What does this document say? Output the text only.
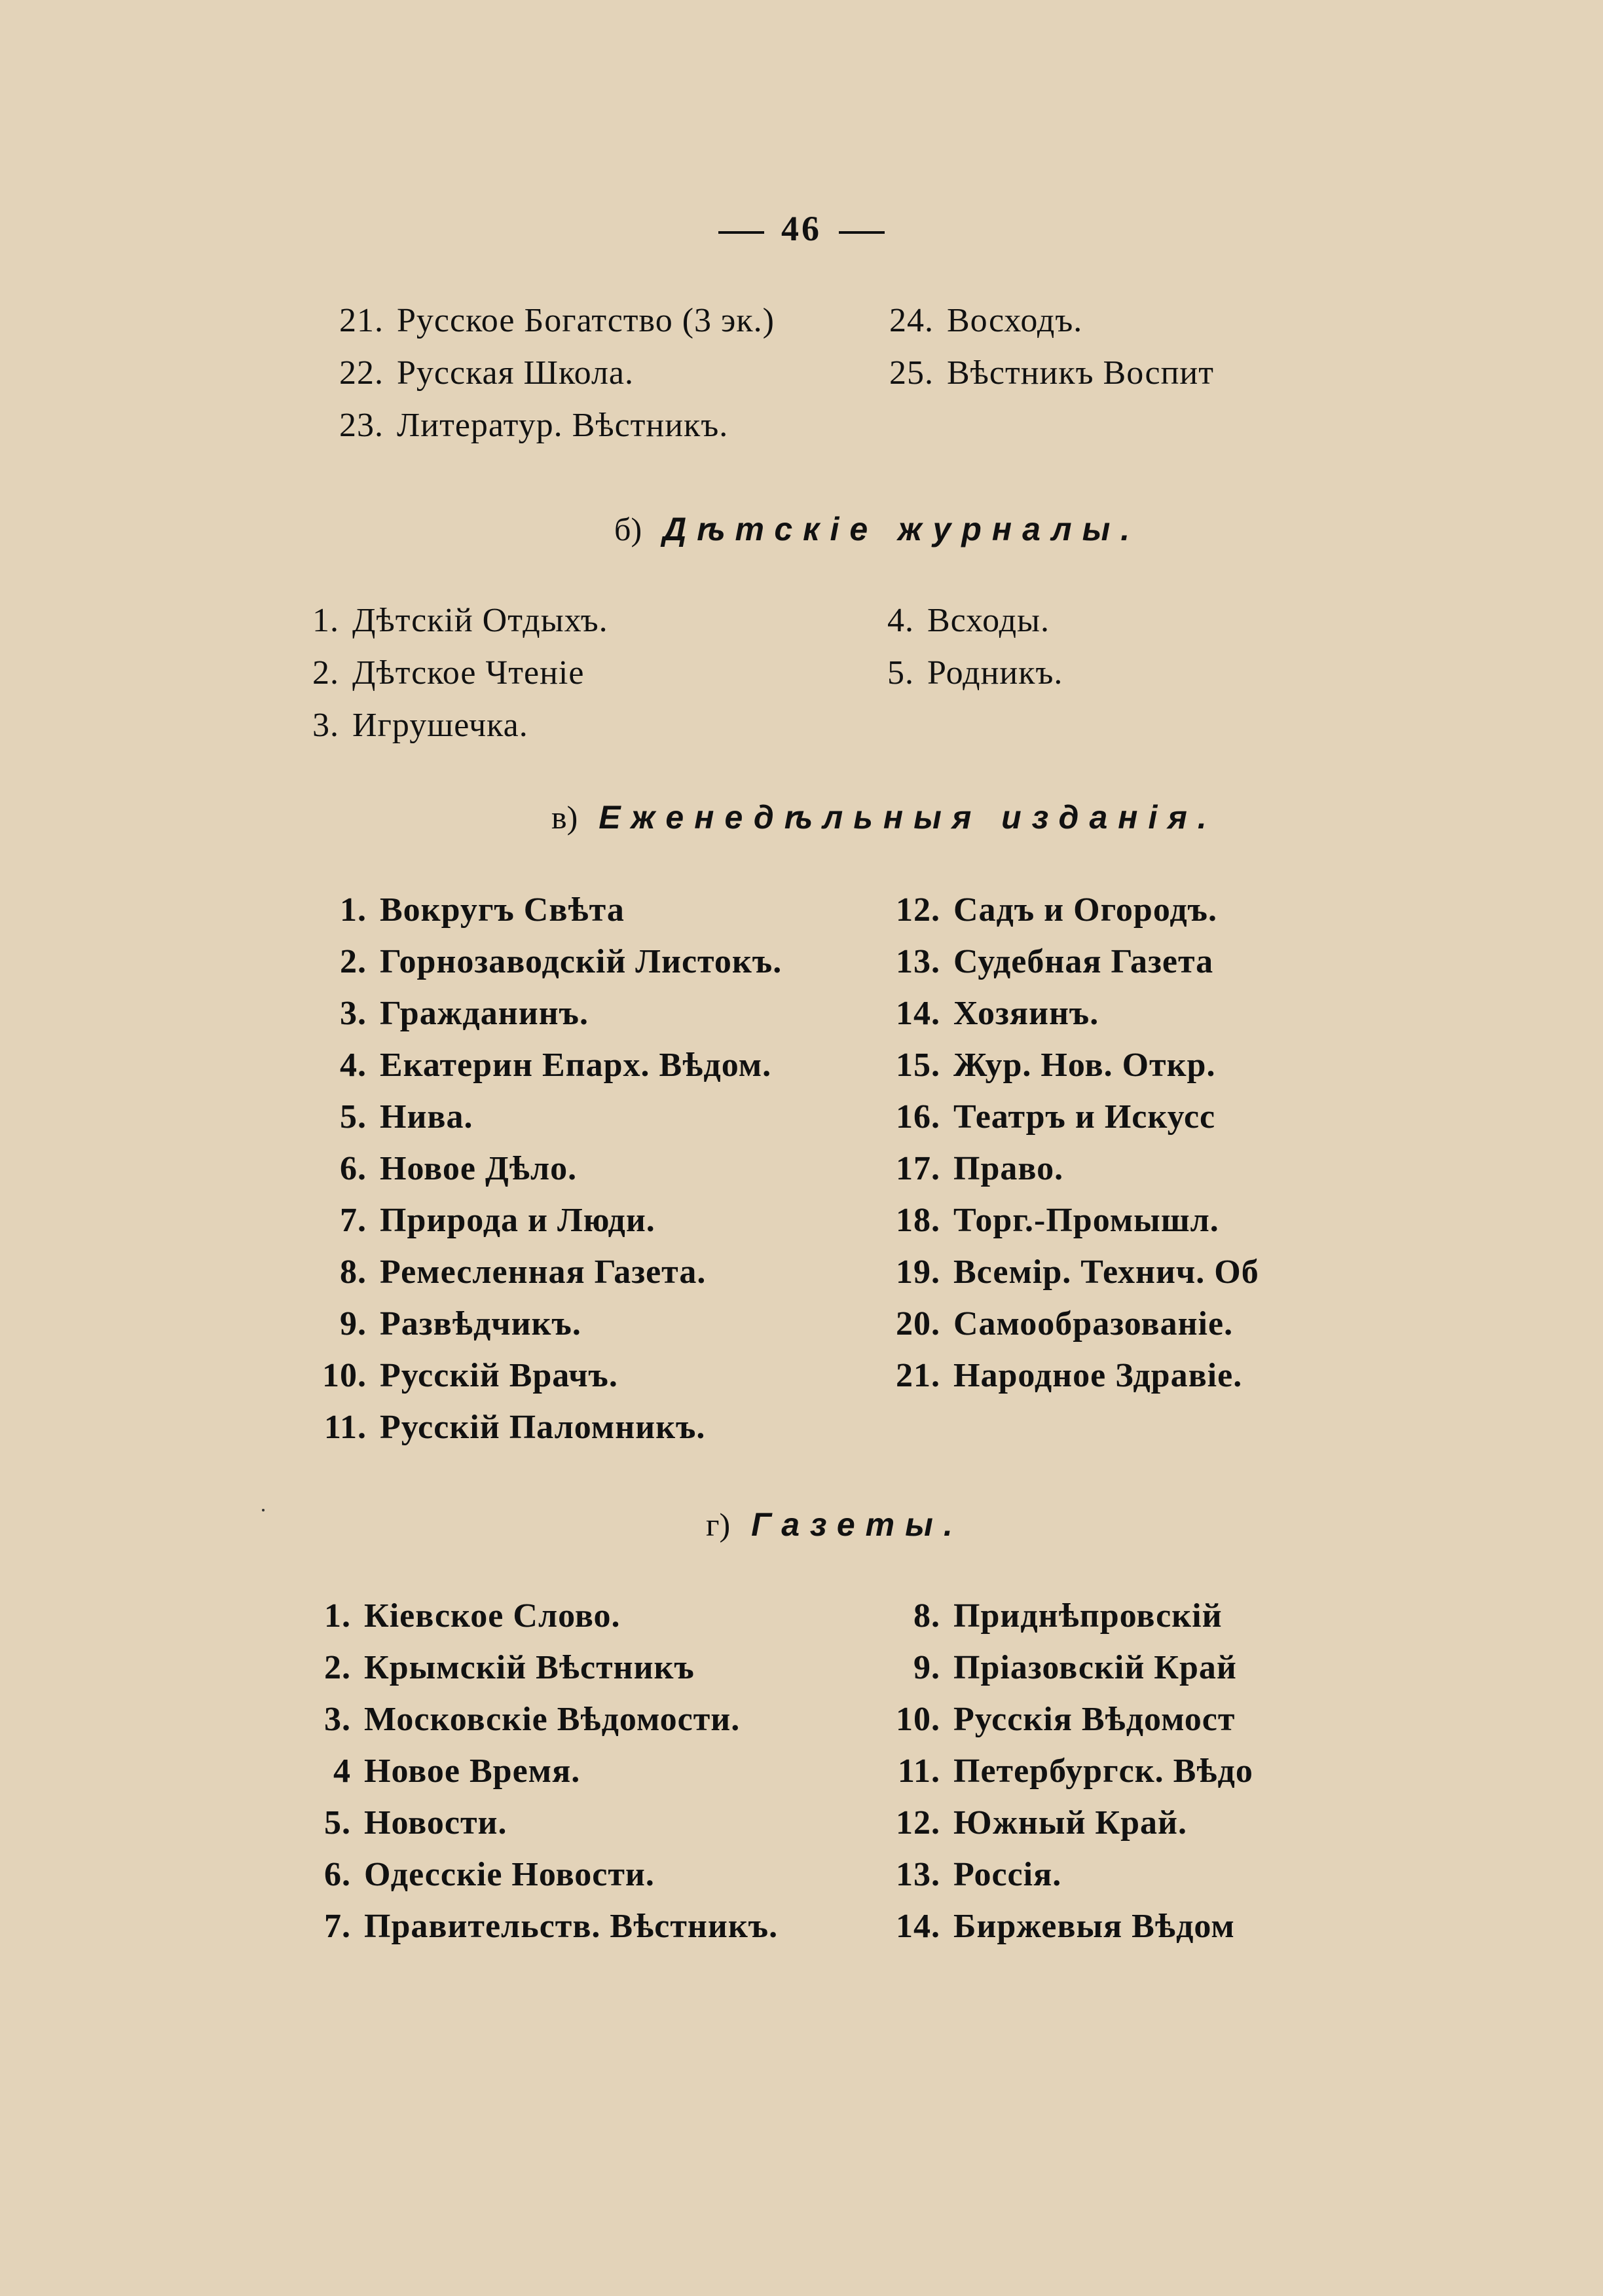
46
21. Русское Богатство (3 эк.)
22. Русская Школа.
23. Литератур. Вѣстникъ.
24. Восходъ.
25. Вѣстникъ Воспит
б) Дѣтскiе журналы.
1. Дѣтскiй Отдыхъ.
2. Дѣтское Чтенiе
3. Игрушечка.
4. Всходы.
5. Родникъ.
в) Еженедѣльныя изданiя.
1. Вокругъ Свѣта
2. Горнозаводскiй Листокъ.
3. Гражданинъ.
4. Екатерин Епарх. Вѣдом.
5. Нива.
6. Новое Дѣло.
7. Природа и Люди.
8. Ремесленная Газета.
9. Развѣдчикъ.
10. Русскiй Врачъ.
11. Русскiй Паломникъ.
12. Садъ и Огородъ.
13. Судебная Газета
14. Хозяинъ.
15. Жур. Нов. Откр.
16. Театръ и Искусс
17. Право.
18. Торг.-Промышл.
19. Всемiр. Технич. Об
20. Самообразованiе.
21. Народное Здравiе.
г) Газеты.
1. Кiевское Слово.
2. Крымскiй Вѣстникъ
3. Московскiе Вѣдомости.
4 Новое Время.
5. Новости.
6. Одесскiе Новости.
7. Правительств. Вѣстникъ.
8. Приднѣпровскiй
9. Прiазовскiй Край
10. Русскiя Вѣдомост
11. Петербургск. Вѣдо
12. Южный Край.
13. Россiя.
14. Биржевыя Вѣдом
